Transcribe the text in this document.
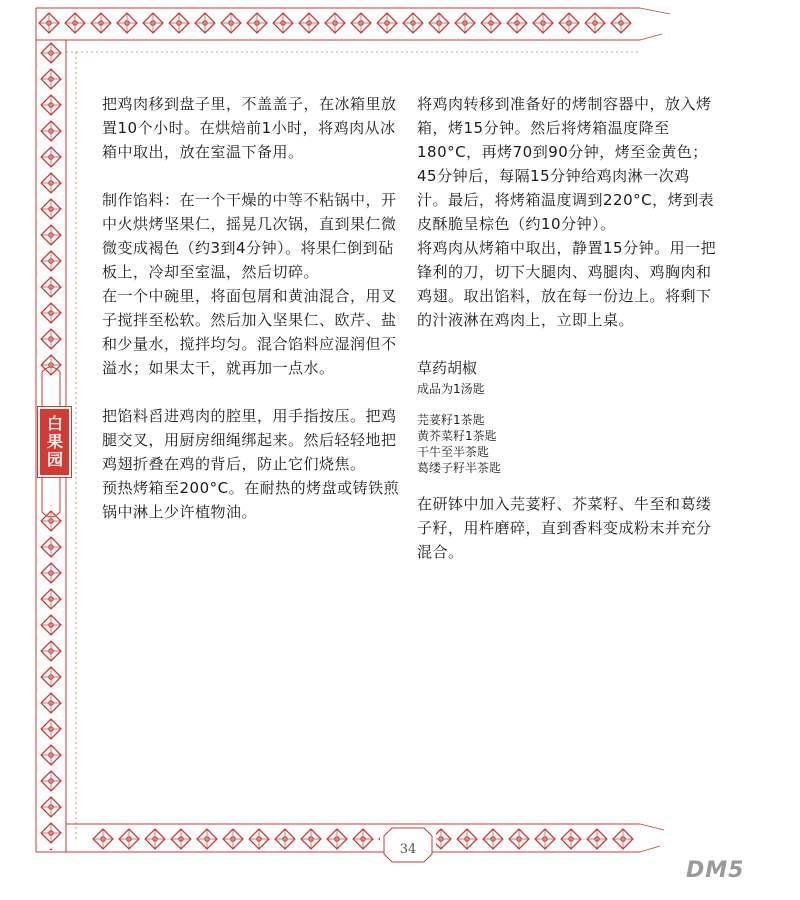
白果园

把鸡肉移到盘子里，不盖盖子，在冰箱里放置10个小时。在烘焙前1小时，将鸡肉从冰箱中取出，放在室温下备用。

制作馅料：在一个干燥的中等不粘锅中，开中火烘烤坚果仁，摇晃几次锅，直到果仁微微变成褐色（约3到4分钟）。将果仁倒到砧板上，冷却至室温，然后切碎。

在一个中碗里，将面包屑和黄油混合，用叉子搅拌至松软。然后加入坚果仁、欧芹、盐和少量水，搅拌均匀。混合馅料应湿润但不溢水；如果太干，就再加一点水。

把馅料舀进鸡肉的腔里，用手指按压。把鸡腿交叉，用厨房细绳绑起来。然后轻轻地把鸡翅折叠在鸡的背后，防止它们烧焦。

预热烤箱至200°C。在耐热的烤盘或铸铁煎锅中淋上少许植物油。

将鸡肉转移到准备好的烤制容器中，放入烤箱，烤15分钟。然后将烤箱温度降至180°C，再烤70到90分钟，烤至金黄色；45分钟后，每隔15分钟给鸡肉淋一次鸡汁。最后，将烤箱温度调到220°C，烤到表皮酥脆呈棕色（约10分钟）。

将鸡肉从烤箱中取出，静置15分钟。用一把锋利的刀，切下大腿肉、鸡腿肉、鸡胸肉和鸡翅。取出馅料，放在每一份边上。将剩下的汁液淋在鸡肉上，立即上桌。

草药胡椒

成品为1汤匙

芫荽籽1茶匙
黄芥菜籽1茶匙
干牛至半茶匙
葛缕子籽半茶匙

在研钵中加入芫荽籽、芥菜籽、牛至和葛缕子籽，用杵磨碎，直到香料变成粉末并充分混合。

34
DM5
